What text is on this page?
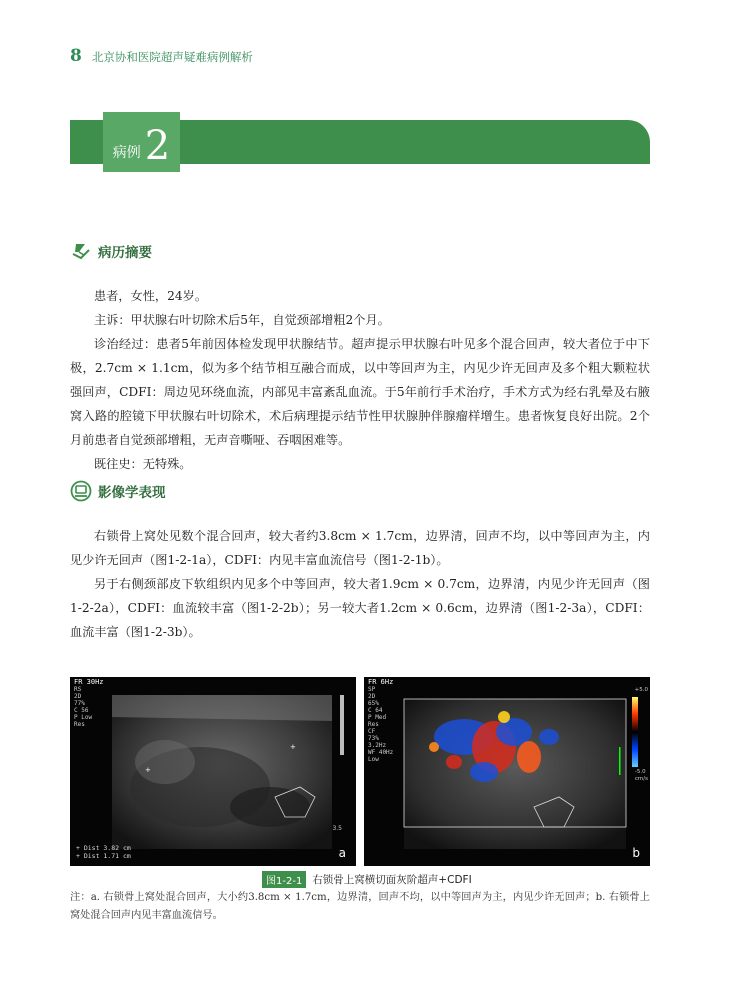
8 北京协和医院超声疑难病例解析
病例 2
病历摘要

患者，女性，24岁。

主诉：甲状腺右叶切除术后5年，自觉颈部增粗2个月。

诊治经过：患者5年前因体检发现甲状腺结节。超声提示甲状腺右叶见多个混合回声，较大者位于中下极，2.7cm × 1.1cm，似为多个结节相互融合而成，以中等回声为主，内见少许无回声及多个粗大颗粒状强回声，CDFI：周边见环绕血流，内部见丰富紊乱血流。于5年前行手术治疗，手术方式为经右乳晕及右腋窝入路的腔镜下甲状腺右叶切除术，术后病理提示结节性甲状腺肿伴腺瘤样增生。患者恢复良好出院。2个月前患者自觉颈部增粗，无声音嘶哑、吞咽困难等。

既往史：无特殊。

影像学表现

右锁骨上窝处见数个混合回声，较大者约3.8cm × 1.7cm，边界清，回声不均，以中等回声为主，内见少许无回声（图1-2-1a），CDFI：内见丰富血流信号（图1-2-1b）。

另于右侧颈部皮下软组织内见多个中等回声，较大者1.9cm × 0.7cm，边界清，内见少许无回声（图1-2-2a），CDFI：血流较丰富（图1-2-2b）；另一较大者1.2cm × 0.6cm，边界清（图1-2-3a），CDFI：血流丰富（图1-2-3b）。

+
+
FR 30Hz
RS
2D
77%
C 56
P Low
Res
3.5
+ Dist 3.82 cm
+ Dist 1.71 cm	a
FR 6Hz
SP
2D
65%
C 64
P Med
Res
CF
73%
3.2Hz
WF 40Hz
Low
+5.0
-5.0
cm/s
b
图1-2-1 右锁骨上窝横切面灰阶超声+CDFI
注：a. 右锁骨上窝处混合回声，大小约3.8cm × 1.7cm，边界清，回声不均，以中等回声为主，内见少许无回声；b. 右锁骨上窝处混合回声内见丰富血流信号。
